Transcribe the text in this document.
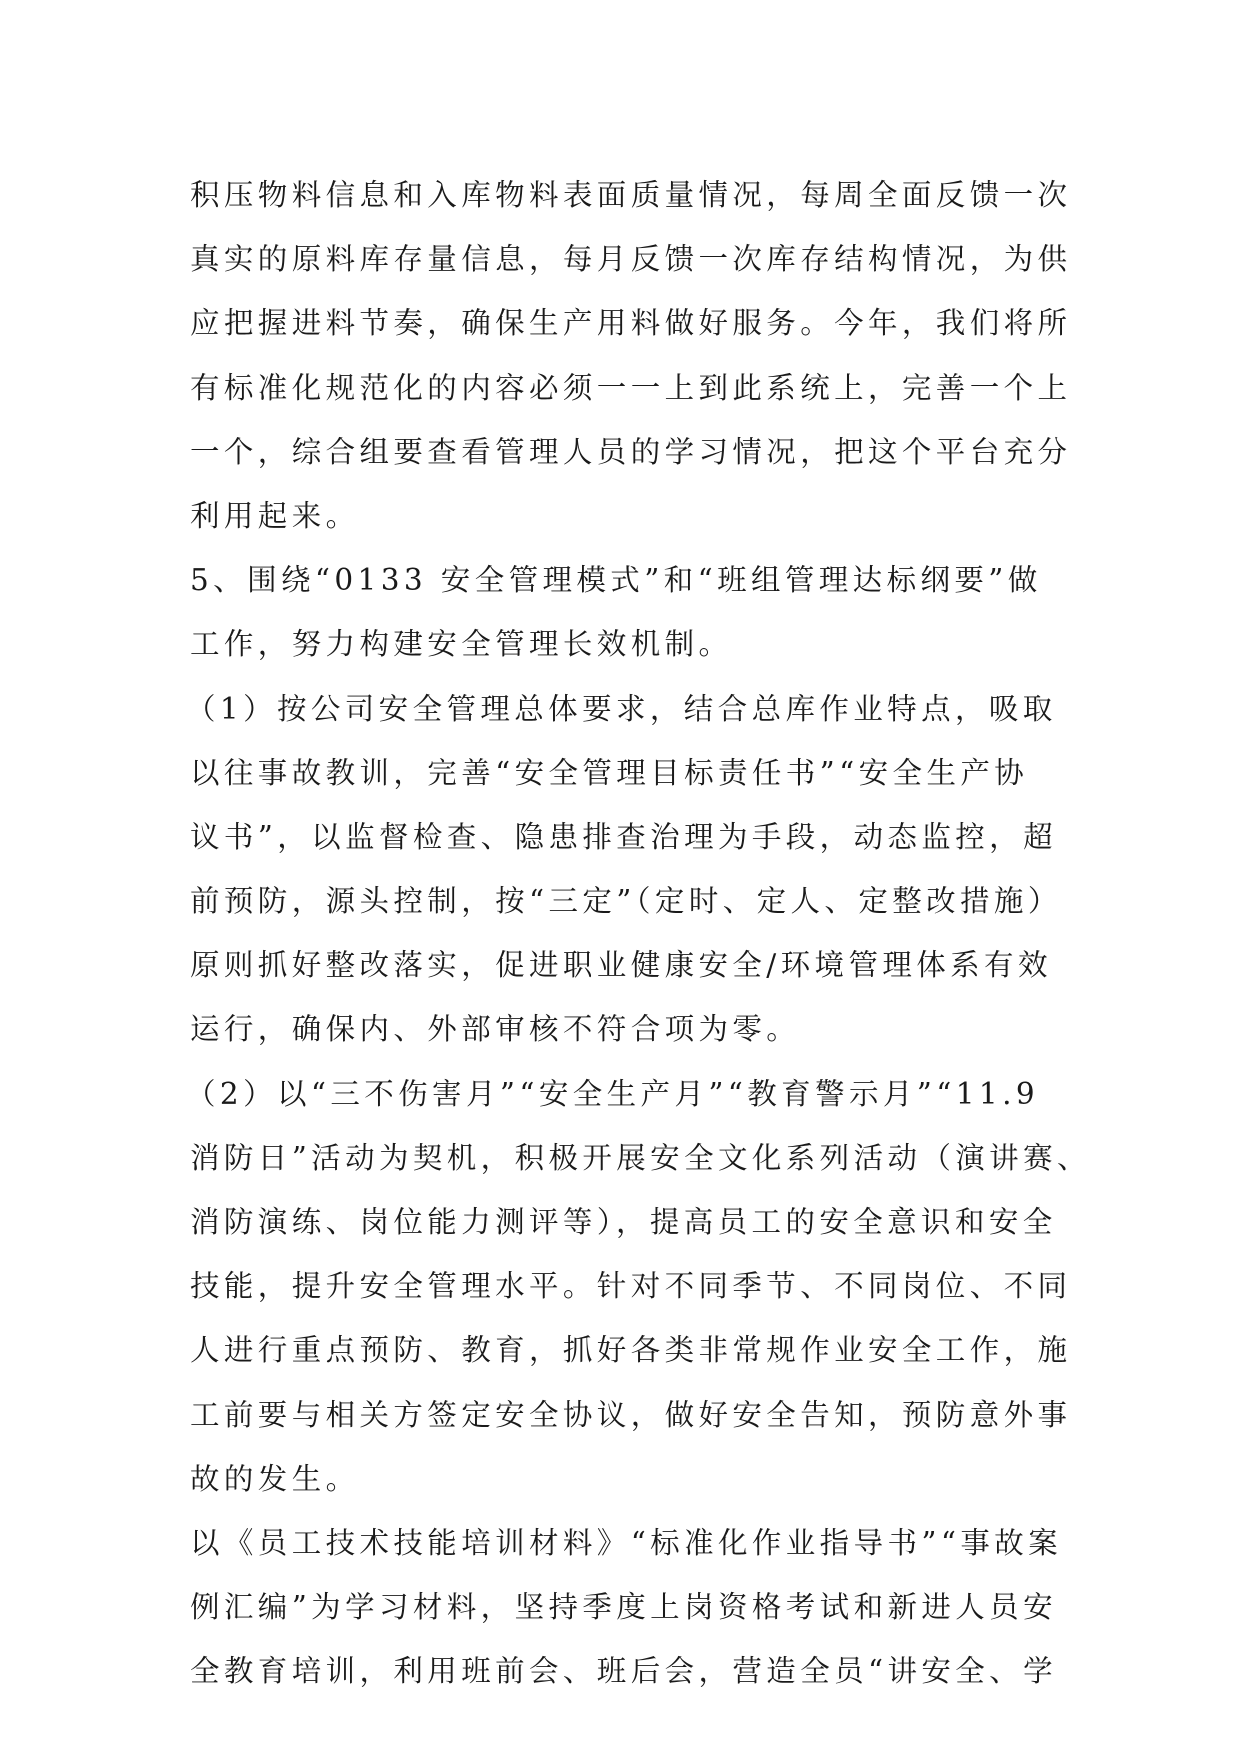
积压物料信息和入库物料表面质量情况，每周全面反馈一次
真实的原料库存量信息，每月反馈一次库存结构情况，为供
应把握进料节奏，确保生产用料做好服务。今年，我们将所
有标准化规范化的内容必须一一上到此系统上，完善一个上
一个，综合组要查看管理人员的学习情况，把这个平台充分
利用起来。
5、围绕“0133 安全管理模式”和“班组管理达标纲要”做
工作，努力构建安全管理长效机制。
（1）按公司安全管理总体要求，结合总库作业特点，吸取
以往事故教训，完善“安全管理目标责任书”“安全生产协
议书”，以监督检查、隐患排查治理为手段，动态监控，超
前预防，源头控制，按“三定”（定时、定人、定整改措施）
原则抓好整改落实，促进职业健康安全/环境管理体系有效
运行，确保内、外部审核不符合项为零。
（2）以“三不伤害月”“安全生产月”“教育警示月”“11.9
消防日”活动为契机，积极开展安全文化系列活动（演讲赛、
消防演练、岗位能力测评等），提高员工的安全意识和安全
技能，提升安全管理水平。针对不同季节、不同岗位、不同
人进行重点预防、教育，抓好各类非常规作业安全工作，施
工前要与相关方签定安全协议，做好安全告知，预防意外事
故的发生。
以《员工技术技能培训材料》“标准化作业指导书”“事故案
例汇编”为学习材料，坚持季度上岗资格考试和新进人员安
全教育培训，利用班前会、班后会，营造全员“讲安全、学
